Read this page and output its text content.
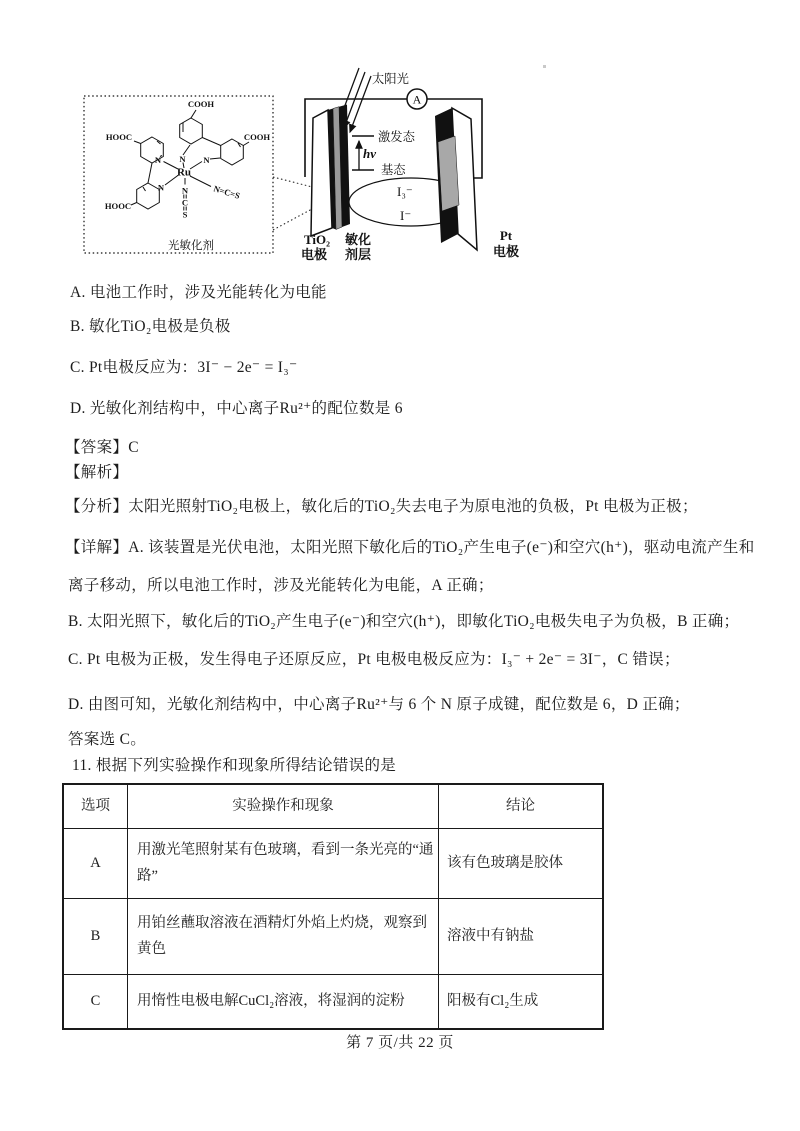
COOH
HOOC	COOH
HOOC
Ru
N
N	N
N	N=C=S
N
C
S
光敏化剂
A
太阳光
hν
激发态
基态
I₃⁻
I⁻
TiO₂
电极
敏化
剂层
Pt
电极
A. 电池工作时，涉及光能转化为电能
B. 敏化TiO₂电极是负极
C. Pt电极反应为：3I⁻ − 2e⁻ = I₃⁻
D. 光敏化剂结构中，中心离子Ru²⁺的配位数是 6
【答案】C
【解析】
【分析】太阳光照射TiO₂电极上，敏化后的TiO₂失去电子为原电池的负极，Pt 电极为正极；
【详解】A. 该装置是光伏电池，太阳光照下敏化后的TiO₂产生电子(e⁻)和空穴(h⁺)，驱动电流产生和
离子移动，所以电池工作时，涉及光能转化为电能，A 正确；
B. 太阳光照下，敏化后的TiO₂产生电子(e⁻)和空穴(h⁺)，即敏化TiO₂电极失电子为负极，B 正确；
C. Pt 电极为正极，发生得电子还原反应，Pt 电极电极反应为：I₃⁻ + 2e⁻ = 3I⁻，C 错误；
D. 由图可知，光敏化剂结构中，中心离子Ru²⁺与 6 个 N 原子成键，配位数是 6，D 正确；
答案选 C。
11. 根据下列实验操作和现象所得结论错误的是
选项	实验操作和现象	结论
A	用激光笔照射某有色玻璃，看到一条光亮的“通路”	该有色玻璃是胶体
B	用铂丝蘸取溶液在酒精灯外焰上灼烧，观察到黄色	溶液中有钠盐
C	用惰性电极电解CuCl₂溶液，将湿润的淀粉	阳极有Cl₂生成
第 7 页/共 22 页
